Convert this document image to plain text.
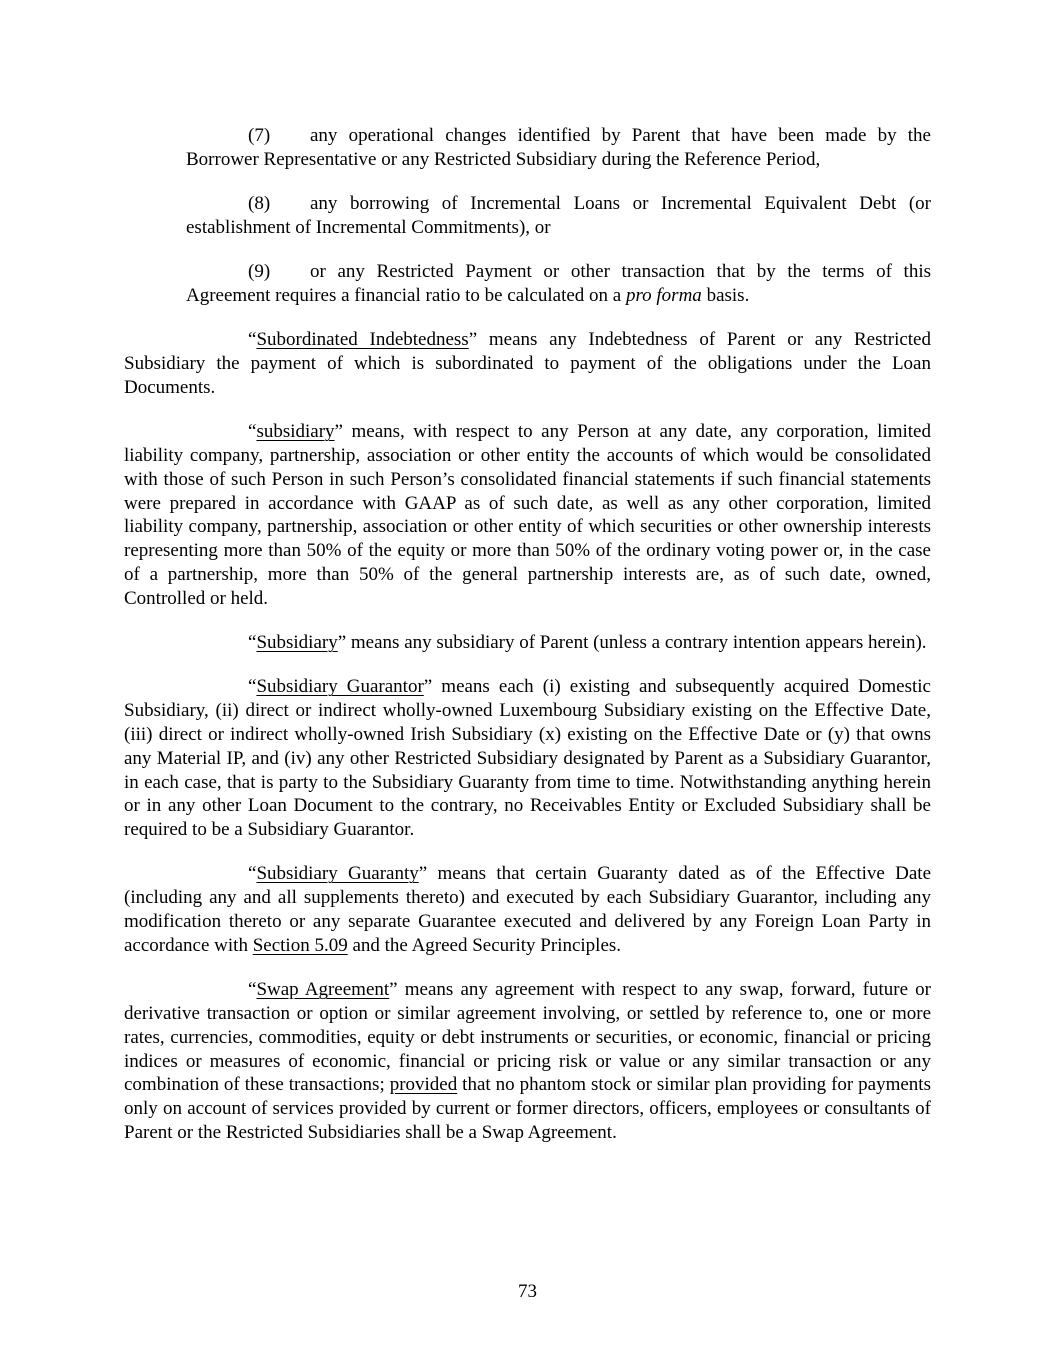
(7) any operational changes identified by Parent that have been made by the Borrower Representative or any Restricted Subsidiary during the Reference Period,

(8) any borrowing of Incremental Loans or Incremental Equivalent Debt (or establishment of Incremental Commitments), or

(9) or any Restricted Payment or other transaction that by the terms of this Agreement requires a financial ratio to be calculated on a pro forma basis.

“Subordinated Indebtedness” means any Indebtedness of Parent or any Restricted Subsidiary the payment of which is subordinated to payment of the obligations under the Loan Documents.

“subsidiary” means, with respect to any Person at any date, any corporation, limited liability company, partnership, association or other entity the accounts of which would be consolidated with those of such Person in such Person’s consolidated financial statements if such financial statements were prepared in accordance with GAAP as of such date, as well as any other corporation, limited liability company, partnership, association or other entity of which securities or other ownership interests representing more than 50% of the equity or more than 50% of the ordinary voting power or, in the case of a partnership, more than 50% of the general partnership interests are, as of such date, owned, Controlled or held.

“Subsidiary” means any subsidiary of Parent (unless a contrary intention appears herein).

“Subsidiary Guarantor” means each (i) existing and subsequently acquired Domestic Subsidiary, (ii) direct or indirect wholly-owned Luxembourg Subsidiary existing on the Effective Date, (iii) direct or indirect wholly-owned Irish Subsidiary (x) existing on the Effective Date or (y) that owns any Material IP, and (iv) any other Restricted Subsidiary designated by Parent as a Subsidiary Guarantor, in each case, that is party to the Subsidiary Guaranty from time to time. Notwithstanding anything herein or in any other Loan Document to the contrary, no Receivables Entity or Excluded Subsidiary shall be required to be a Subsidiary Guarantor.

“Subsidiary Guaranty” means that certain Guaranty dated as of the Effective Date (including any and all supplements thereto) and executed by each Subsidiary Guarantor, including any modification thereto or any separate Guarantee executed and delivered by any Foreign Loan Party in accordance with Section 5.09 and the Agreed Security Principles.

“Swap Agreement” means any agreement with respect to any swap, forward, future or derivative transaction or option or similar agreement involving, or settled by reference to, one or more rates, currencies, commodities, equity or debt instruments or securities, or economic, financial or pricing indices or measures of economic, financial or pricing risk or value or any similar transaction or any combination of these transactions; provided that no phantom stock or similar plan providing for payments only on account of services provided by current or former directors, officers, employees or consultants of Parent or the Restricted Subsidiaries shall be a Swap Agreement.

73
